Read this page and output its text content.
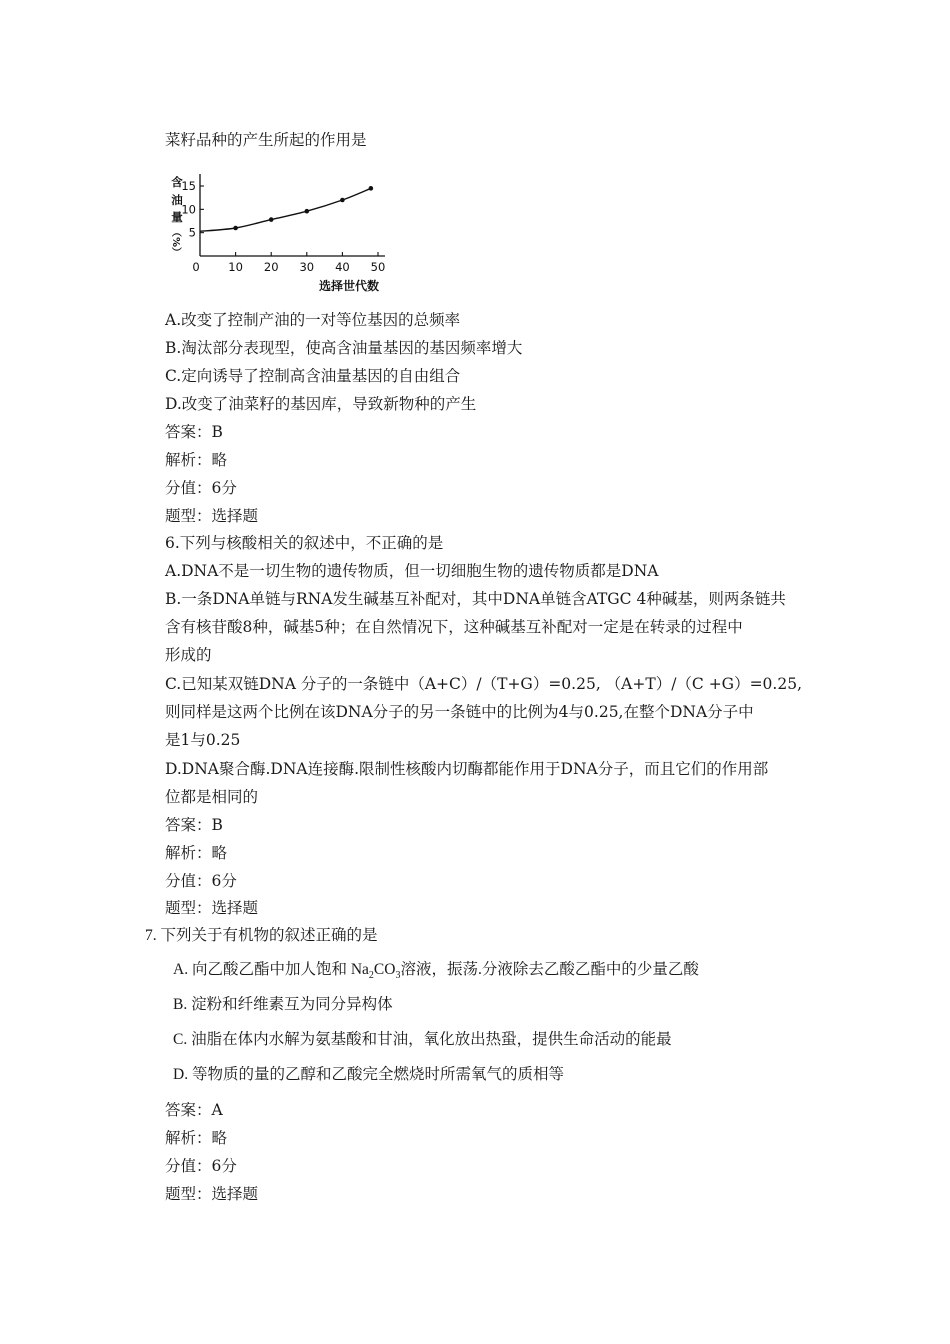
菜籽品种的产生所起的作用是
含
油
量
（%） 5
10
15
0 10 20 30 40 50
选择世代数
A.改变了控制产油的一对等位基因的总频率
B.淘汰部分表现型，使高含油量基因的基因频率增大
C.定向诱导了控制高含油量基因的自由组合
D.改变了油菜籽的基因库，导致新物种的产生
答案：B
解析：略
分值：6分
题型：选择题
6.下列与核酸相关的叙述中，不正确的是
A.DNA不是一切生物的遗传物质，但一切细胞生物的遗传物质都是DNA
B.一条DNA单链与RNA发生碱基互补配对，其中DNA单链含ATGC 4种碱基，则两条链共
含有核苷酸8种，碱基5种；在自然情况下，这种碱基互补配对一定是在转录的过程中
形成的
C.已知某双链DNA 分子的一条链中（A+C）/（T+G）=0.25, （A+T）/（C +G）=0.25,
则同样是这两个比例在该DNA分子的另一条链中的比例为4与0.25,在整个DNA分子中
是1与0.25
D.DNA聚合酶.DNA连接酶.限制性核酸内切酶都能作用于DNA分子，而且它们的作用部
位都是相同的
答案：B
解析：略
分值：6分
题型：选择题
7. 下列关于有机物的叙述正确的是
A. 向乙酸乙酯中加人饱和 $Na_2CO_3$溶液，振荡.分液除去乙酸乙酯中的少量乙酸
B. 淀粉和纤维素互为同分异构体
C. 油脂在体内水解为氨基酸和甘油，氧化放出热蛩，提供生命活动的能最
D. 等物质的量的乙醇和乙酸完全燃烧时所需氧气的质相等
答案：A
解析：略
分值：6分
题型：选择题
